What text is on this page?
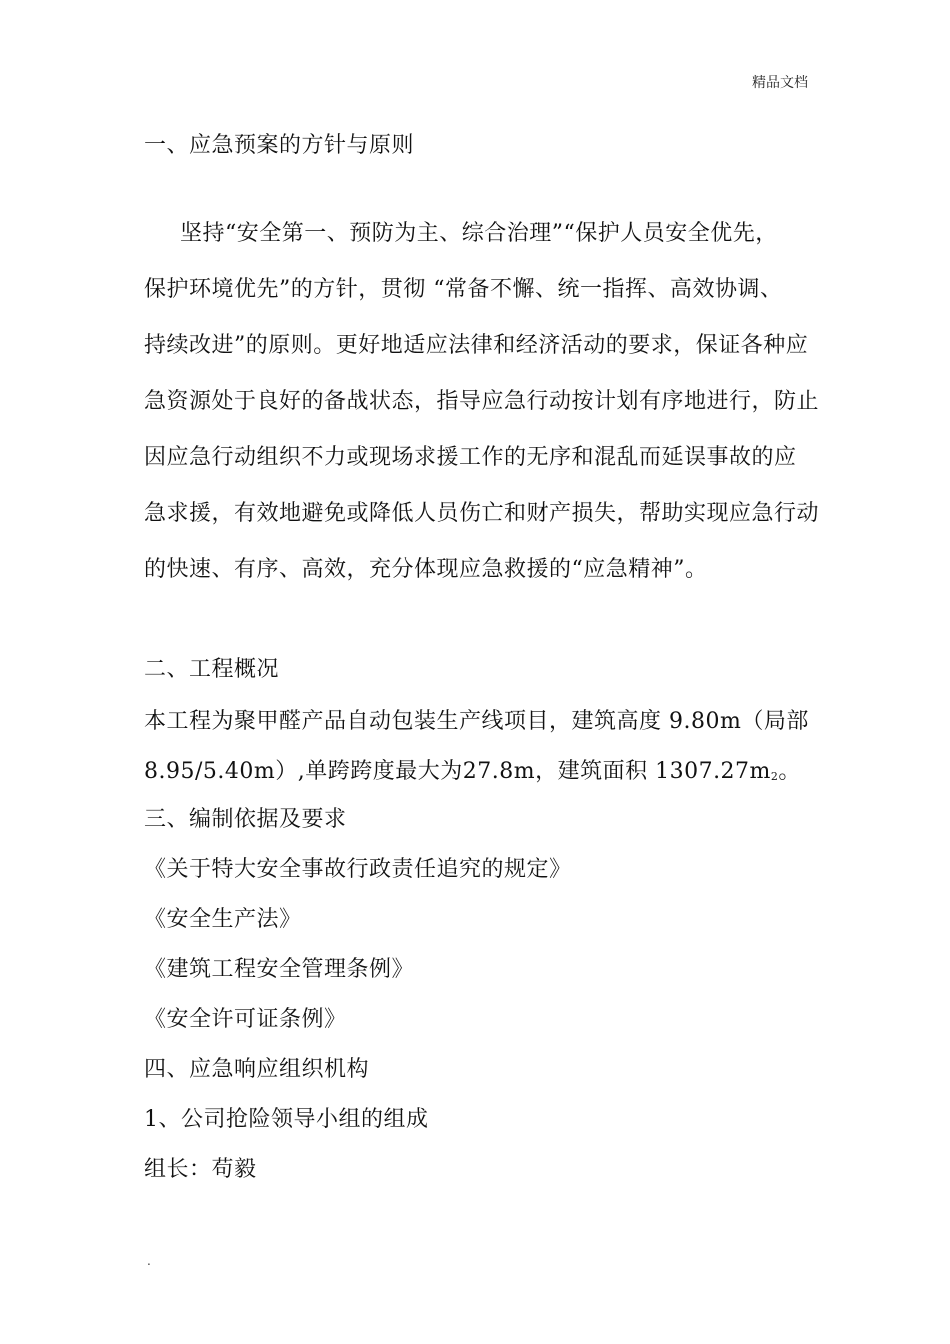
精品文档
一、应急预案的方针与原则
坚持“安全第一、预防为主、综合治理”“保护人员安全优先，
保护环境优先”的方针，贯彻 “常备不懈、统一指挥、高效协调、
持续改进”的原则。更好地适应法律和经济活动的要求，保证各种应
急资源处于良好的备战状态，指导应急行动按计划有序地进行，防止
因应急行动组织不力或现场求援工作的无序和混乱而延误事故的应
急求援，有效地避免或降低人员伤亡和财产损失，帮助实现应急行动
的快速、有序、高效，充分体现应急救援的“应急精神”。
二、工程概况
本工程为聚甲醛产品自动包装生产线项目，建筑高度 9.80m（局部
8.95/5.40m）,单跨跨度最大为27.8m，建筑面积 1307.27m2。
三、编制依据及要求
《关于特大安全事故行政责任追究的规定》
《安全生产法》
《建筑工程安全管理条例》
《安全许可证条例》
四、应急响应组织机构
1、公司抢险领导小组的组成
组长：苟毅
.
